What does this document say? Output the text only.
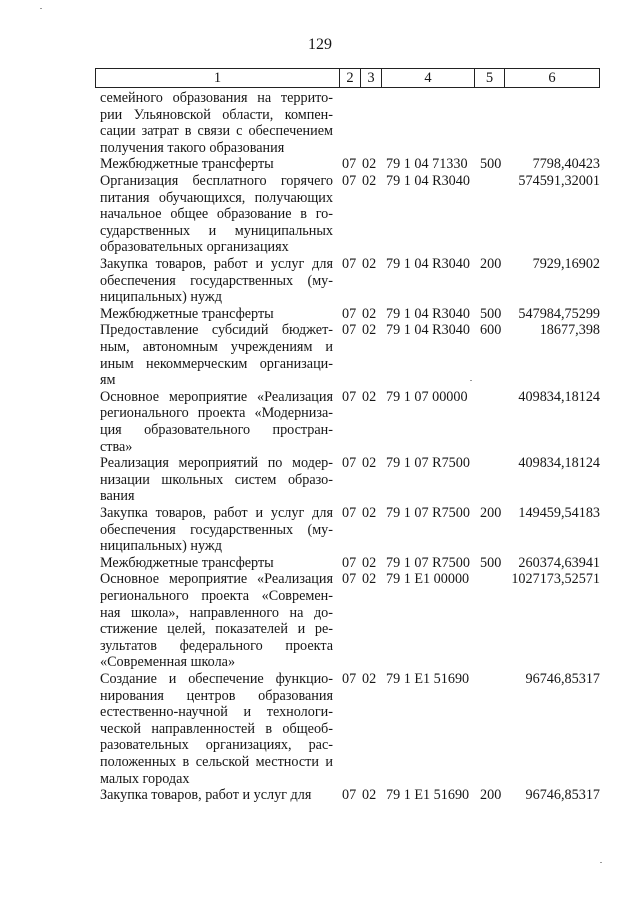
129
1	2 3	4	5	6
семейного образования на террито-
рии Ульяновской области, компен-
сации затрат в связи с обеспечением
получения такого образования
Межбюджетные трансферты	07 02 79 1 04 71330 500 7798,40423
Организация бесплатного горячего
питания обучающихся, получающих
начальное общее образование в го-
сударственных и муниципальных
образовательных организациях
07 02 79 1 04 R3040	574591,32001
Закупка товаров, работ и услуг для
обеспечения государственных (му-
ниципальных) нужд
07 02 79 1 04 R3040 200 7929,16902
Межбюджетные трансферты	07 02 79 1 04 R3040 500 547984,75299
Предоставление субсидий бюджет-
ным, автономным учреждениям и
иным некоммерческим организаци-
ям
07 02 79 1 04 R3040 600	18677,398
Основное мероприятие «Реализация
регионального проекта «Модерниза-
ция образовательного простран-
ства»
07 02 79 1 07 00000	409834,18124
Реализация мероприятий по модер-
низации школьных систем образо-
вания
07 02 79 1 07 R7500	409834,18124
Закупка товаров, работ и услуг для
обеспечения государственных (му-
ниципальных) нужд
07 02 79 1 07 R7500 200 149459,54183
Межбюджетные трансферты	07 02 79 1 07 R7500 500 260374,63941
Основное мероприятие «Реализация
регионального проекта «Современ-
ная школа», направленного на до-
стижение целей, показателей и ре-
зультатов федерального проекта
«Современная школа»
07 02 79 1 E1 00000	1027173,52571
Создание и обеспечение функцио-
нирования центров образования
естественно-научной и технологи-
ческой направленностей в общеоб-
разовательных организациях, рас-
положенных в сельской местности и
малых городах
07 02 79 1 E1 51690	96746,85317
Закупка товаров, работ и услуг для	07 02 79 1 E1 51690 200 96746,85317
